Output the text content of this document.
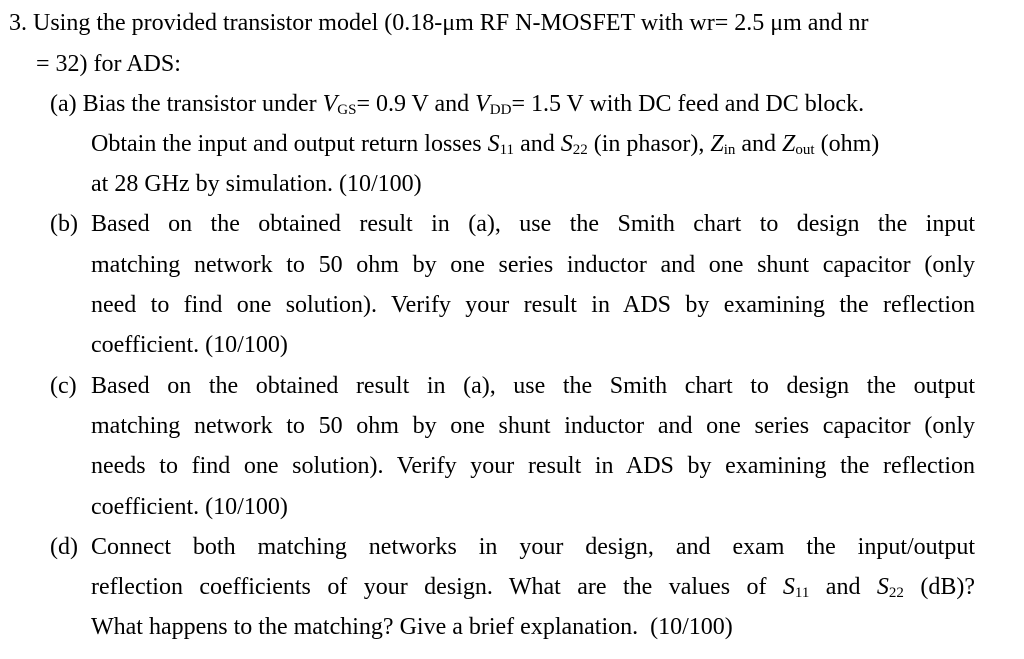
3. Using the provided transistor model (0.18-μm RF N-MOSFET with wr= 2.5 μm and nr
= 32) for ADS:
(a) Bias the transistor under $V_{GS}= 0.9$ V and $V_{DD}= 1.5$ V with DC feed and DC block.
Obtain the input and output return losses $S_{11}$ and $S_{22}$ (in phasor), $Z_{in}$ and $Z_{out}$ (ohm)
at 28 GHz by simulation. (10/100)
(b) Based on the obtained result in (a), use the Smith chart to design the input
matching network to 50 ohm by one series inductor and one shunt capacitor (only
need to find one solution). Verify your result in ADS by examining the reflection
coefficient. (10/100)
(c) Based on the obtained result in (a), use the Smith chart to design the output
matching network to 50 ohm by one shunt inductor and one series capacitor (only
needs to find one solution). Verify your result in ADS by examining the reflection
coefficient. (10/100)
(d) Connect both matching networks in your design, and exam the input/output
reflection coefficients of your design. What are the values of $S_{11}$ and $S_{22}$ (dB)?
What happens to the matching? Give a brief explanation.  (10/100)
